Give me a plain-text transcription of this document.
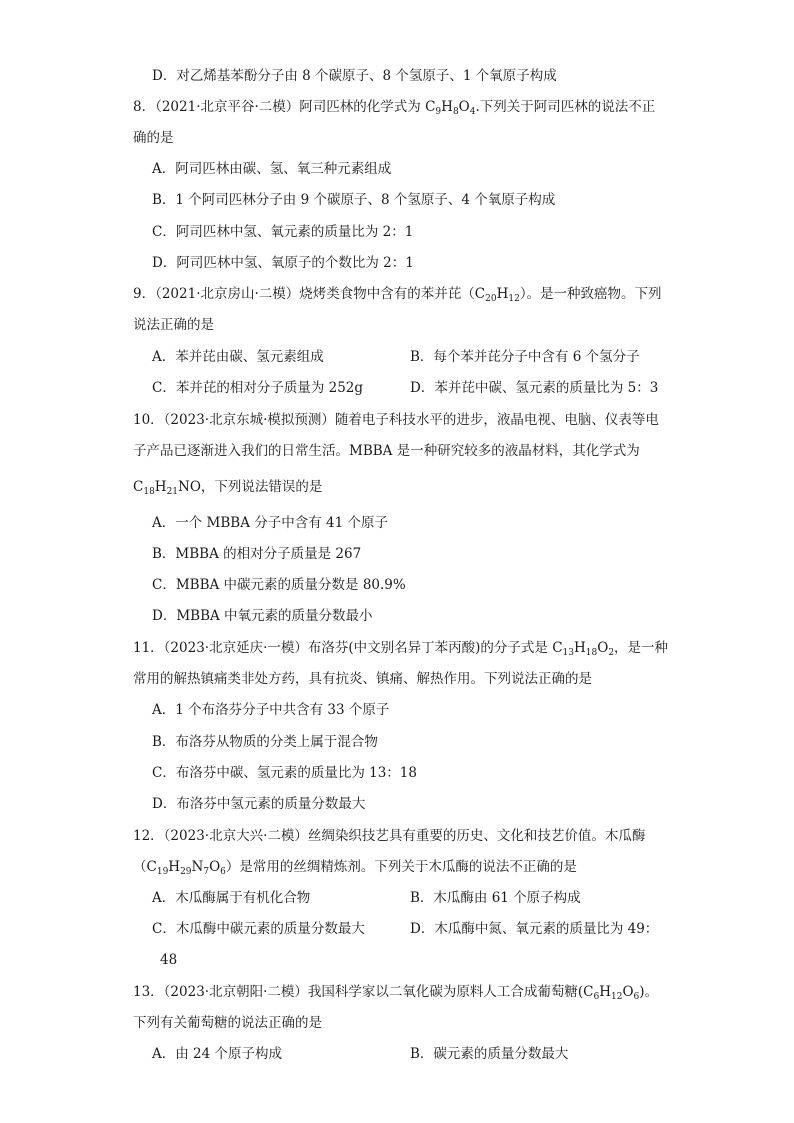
D．对乙烯基苯酚分子由 8 个碳原子、8 个氢原子、1 个氧原子构成
8．（2021·北京平谷·二模）阿司匹林的化学式为 $C_9H_8O_4$.下列关于阿司匹林的说法不正
确的是
A．阿司匹林由碳、氢、氧三种元素组成
B．1 个阿司匹林分子由 9 个碳原子、8 个氢原子、4 个氧原子构成
C．阿司匹林中氢、氧元素的质量比为 2：1
D．阿司匹林中氢、氧原子的个数比为 2：1
9．（2021·北京房山·二模）烧烤类食物中含有的苯并芘$(C_{20}H_{12})$。是一种致癌物。下列
说法正确的是
A．苯并芘由碳、氢元素组成	B．每个苯并芘分子中含有 6 个氢分子
C．苯并芘的相对分子质量为 252g	D．苯并芘中碳、氢元素的质量比为 5：3
10．（2023·北京东城·模拟预测）随着电子科技水平的进步，液晶电视、电脑、仪表等电
子产品已逐渐进入我们的日常生活。MBBA 是一种研究较多的液晶材料，其化学式为
$C_{18}H_{21}NO$，下列说法错误的是
A．一个 MBBA 分子中含有 41 个原子
B．MBBA 的相对分子质量是 267
C．MBBA 中碳元素的质量分数是 80.9%
D．MBBA 中氧元素的质量分数最小
11．（2023·北京延庆·一模）布洛芬(中文别名异丁苯丙酸)的分子式是 $C_{13}H_{18}O_2$，是一种
常用的解热镇痛类非处方药，具有抗炎、镇痛、解热作用。下列说法正确的是
A．1 个布洛芬分子中共含有 33 个原子
B．布洛芬从物质的分类上属于混合物
C．布洛芬中碳、氢元素的质量比为 13：18
D．布洛芬中氢元素的质量分数最大
12．（2023·北京大兴·二模）丝绸染织技艺具有重要的历史、文化和技艺价值。木瓜酶
$(C_{19}H_{29}N_7O_6)$是常用的丝绸精炼剂。下列关于木瓜酶的说法不正确的是
A．木瓜酶属于有机化合物	B．木瓜酶由 61 个原子构成
C．木瓜酶中碳元素的质量分数最大	D．木瓜酶中氮、氧元素的质量比为 49：
48
13．（2023·北京朝阳·二模）我国科学家以二氧化碳为原料人工合成葡萄糖$(C_6H_{12}O_6)$。
下列有关葡萄糖的说法正确的是
A．由 24 个原子构成	B．碳元素的质量分数最大
